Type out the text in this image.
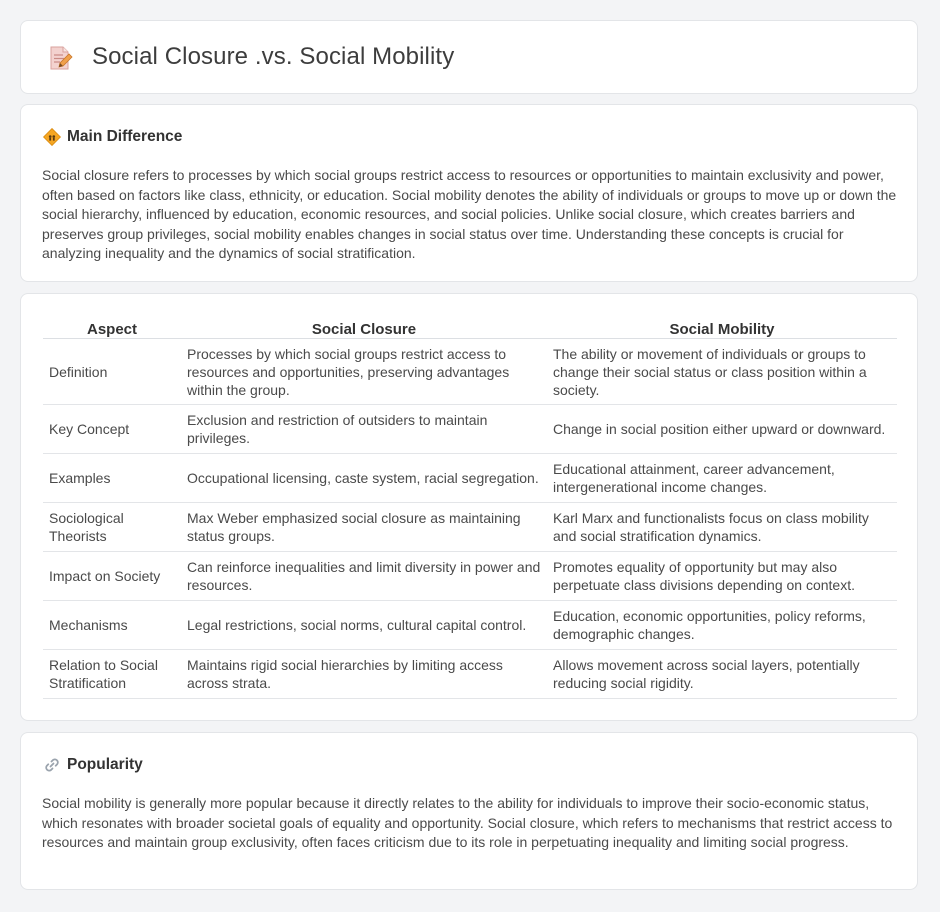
Social Closure .vs. Social Mobility
Main Difference

Social closure refers to processes by which social groups restrict access to resources or opportunities to maintain exclusivity and power, often based on factors like class, ethnicity, or education. Social mobility denotes the ability of individuals or groups to move up or down the social hierarchy, influenced by education, economic resources, and social policies. Unlike social closure, which creates barriers and preserves group privileges, social mobility enables changes in social status over time. Understanding these concepts is crucial for analyzing inequality and the dynamics of social stratification.

Aspect	Social Closure	Social Mobility
Definition	Processes by which social groups restrict access to resources and opportunities, preserving advantages within the group.	The ability or movement of individuals or groups to change their social status or class position within a society.
Key Concept	Exclusion and restriction of outsiders to maintain privileges.	Change in social position either upward or downward.
Examples	Occupational licensing, caste system, racial segregation.	Educational attainment, career advancement, intergenerational income changes.
Sociological Theorists	Max Weber emphasized social closure as maintaining status groups.	Karl Marx and functionalists focus on class mobility and social stratification dynamics.
Impact on Society	Can reinforce inequalities and limit diversity in power and resources.	Promotes equality of opportunity but may also perpetuate class divisions depending on context.
Mechanisms	Legal restrictions, social norms, cultural capital control.	Education, economic opportunities, policy reforms, demographic changes.
Relation to Social Stratification	Maintains rigid social hierarchies by limiting access across strata.	Allows movement across social layers, potentially reducing social rigidity.
Popularity

Social mobility is generally more popular because it directly relates to the ability for individuals to improve their socio-economic status, which resonates with broader societal goals of equality and opportunity. Social closure, which refers to mechanisms that restrict access to resources and maintain group exclusivity, often faces criticism due to its role in perpetuating inequality and limiting social progress.
